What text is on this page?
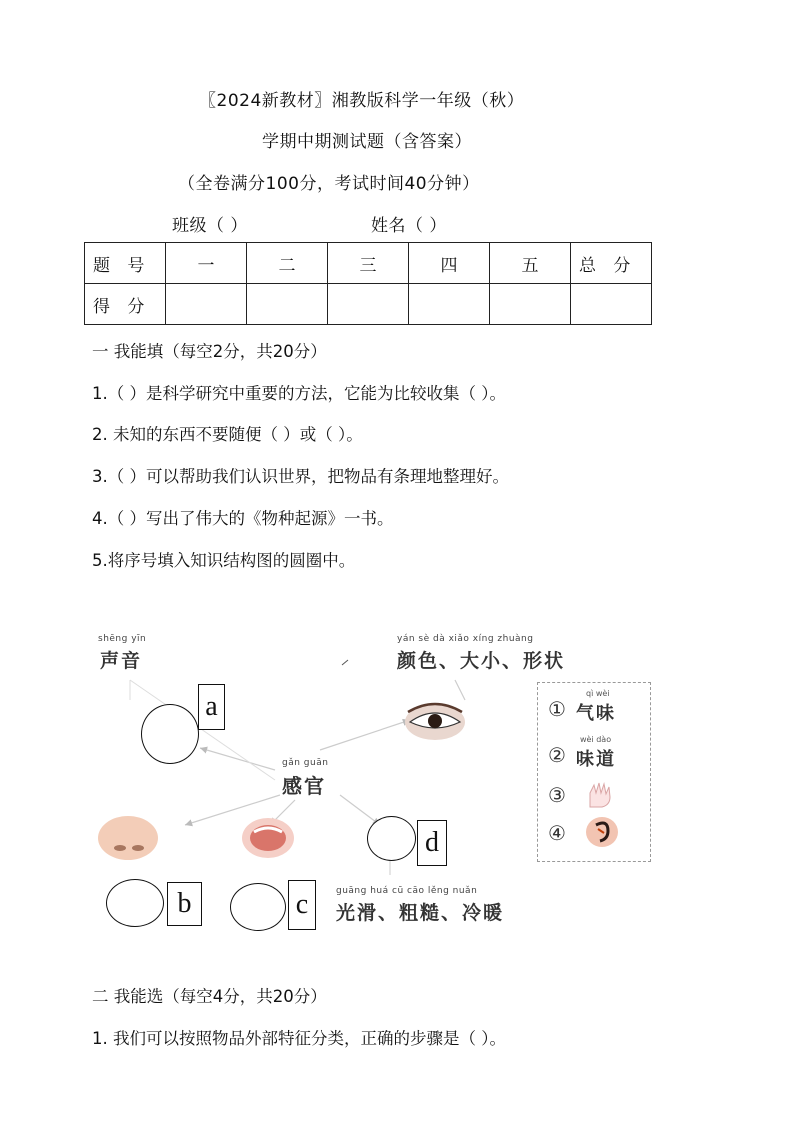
〖2024新教材〗湘教版科学一年级（秋）
学期中期测试题（含答案）
（全卷满分100分，考试时间40分钟）
班级（ ）	姓名（ ）
题 号	一	二	三	四	五	总 分
得 分						
一 我能填（每空2分，共20分）
1.（ ）是科学研究中重要的方法，它能为比较收集（ ）。
2. 未知的东西不要随便（ ）或（ ）。
3.（ ）可以帮助我们认识世界，把物品有条理地整理好。
4.（ ）写出了伟大的《物种起源》一书。
5.将序号填入知识结构图的圆圈中。
shēng yīn
声音
yán sè dà xiǎo xíng zhuàng
颜色、大小、形状
gǎn guān
感官
guāng huá cū cāo lěng nuǎn
光滑、粗糙、冷暖
①
qì wèi
气味
②
wèi dào
味道
③
④
a
d
b	c
二 我能选（每空4分，共20分）
1. 我们可以按照物品外部特征分类，正确的步骤是（ ）。
